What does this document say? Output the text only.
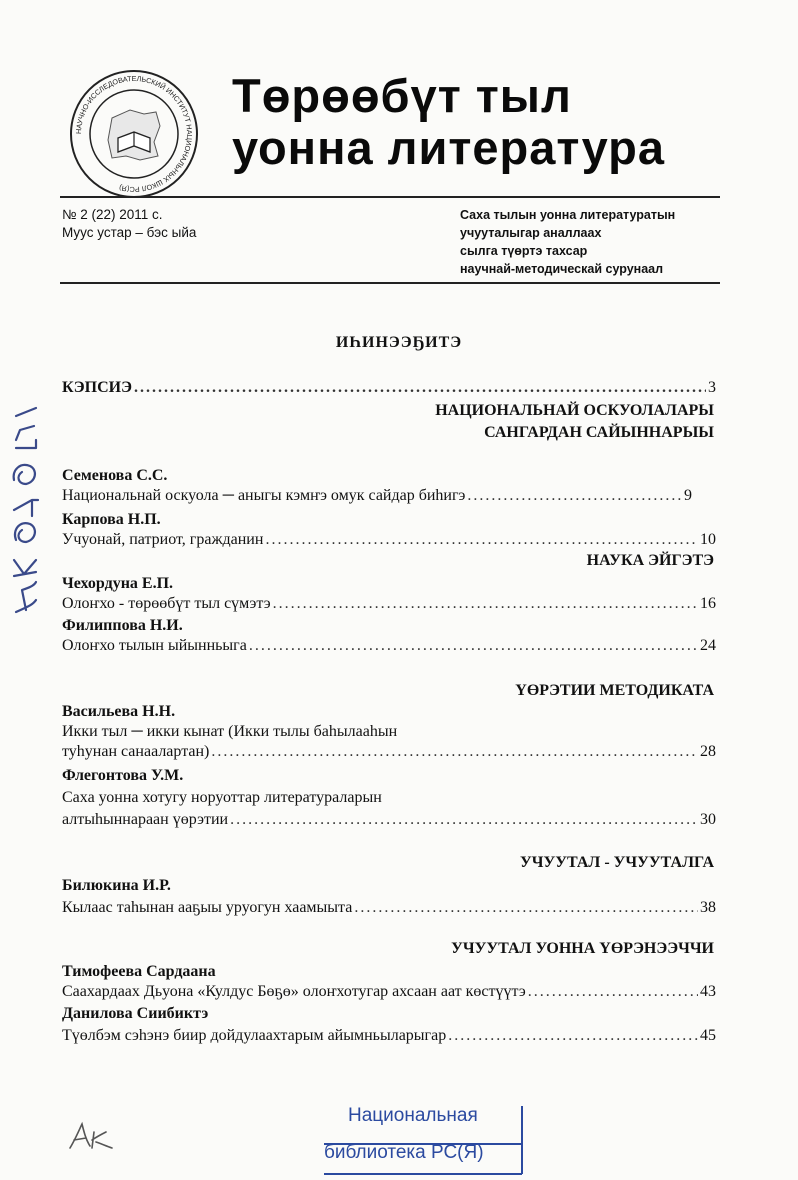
НАУЧНО-ИССЛЕДОВАТЕЛЬСКИЙ ИНСТИТУТ НАЦИОНАЛЬНЫХ ШКОЛ РС(Я)
Төрөөбүт тыл
уонна литература
№ 2 (22) 2011 с.
Муус устар – бэс ыйа
Саха тылын уонна литературатын
учууталыгар аналлаах
сылга түөртэ тахсар
научнай-методическай сурунаал
ИҺИНЭЭҔИТЭ
КЭПСИЭ .....	3
НАЦИОНАЛЬНАЙ ОСКУОЛАЛАРЫ
САНГАРДАН САЙЫННАРЫЫ
Семенова С.С.
Национальнай оскуола ─ аныгы кэмҥэ омук сайдар биһигэ .....	9
Карпова Н.П.
Учуонай, патриот, гражданин .....	10
НАУКА ЭЙГЭТЭ
Чехордуна Е.П.
Олоҥхо - төрөөбүт тыл сүмэтэ .....	16
Филиппова Н.И.
Олоҥхо тылын ыйынньыга .....	24
ҮӨРЭТИИ МЕТОДИКАТА
Васильева Н.Н.
Икки тыл ─ икки кынат (Икки тылы баһылааһын
туһунан санаалартан) .....	28
Флегонтова У.М.
Саха уонна хотугу норуоттар литератураларын
алтыһыннараан үөрэтии .....	30
УЧУУТАЛ - УЧУУТАЛГА
Билюкина И.Р.
Кылаас таһынан ааҕыы уруогун хаамыыта .....	38
УЧУУТАЛ УОННА ҮӨРЭНЭЭЧЧИ
Тимофеева Сардаана
Саахардаах Дьуона «Кулдус Бөҕө» олоҥхотугар ахсаан аат көстүүтэ .....	43
Данилова Сиибиктэ
Түөлбэм сэһэнэ биир дойдулаахтарым айымньыларыгар .....	45
Национальная
библиотека РС(Я)
